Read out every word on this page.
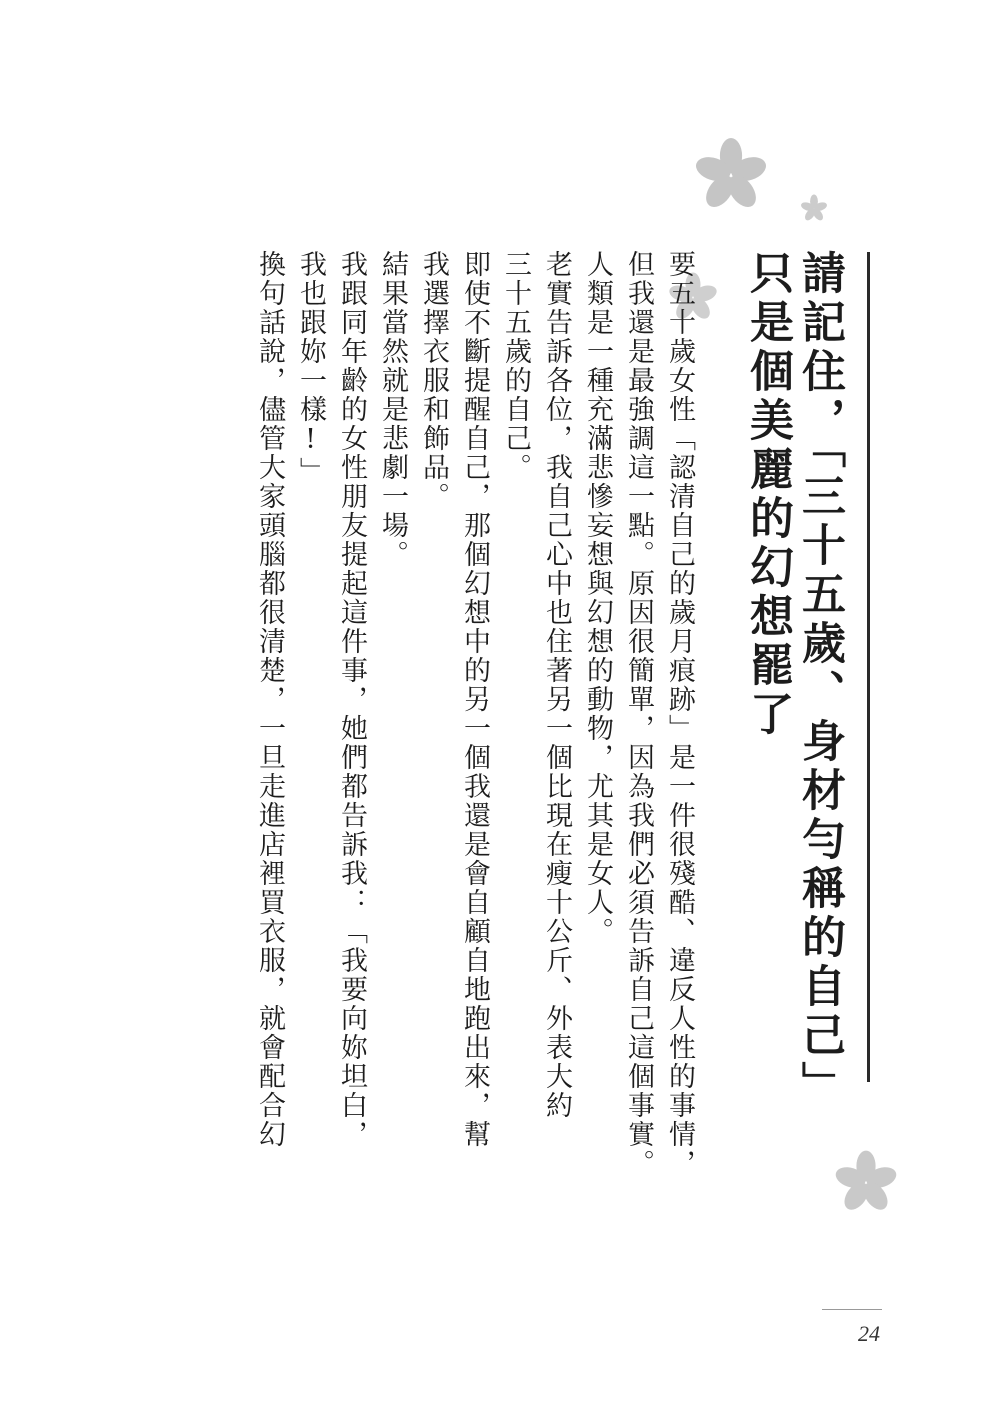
請記住，「三十五歲、身材勻稱的自己」
只是個美麗的幻想罷了
要五十歲女性「認清自己的歲月痕跡」是一件很殘酷、違反人性的事情，
但我還是最強調這一點。原因很簡單，因為我們必須告訴自己這個事實。
人類是一種充滿悲慘妄想與幻想的動物，尤其是女人。
老實告訴各位，我自己心中也住著另一個比現在瘦十公斤、外表大約
三十五歲的自己。
即使不斷提醒自己，那個幻想中的另一個我還是會自顧自地跑出來，幫
我選擇衣服和飾品。
結果當然就是悲劇一場。
我跟同年齡的女性朋友提起這件事，她們都告訴我：「我要向妳坦白，
我也跟妳一樣!」
換句話說，儘管大家頭腦都很清楚，一旦走進店裡買衣服，就會配合幻
24
